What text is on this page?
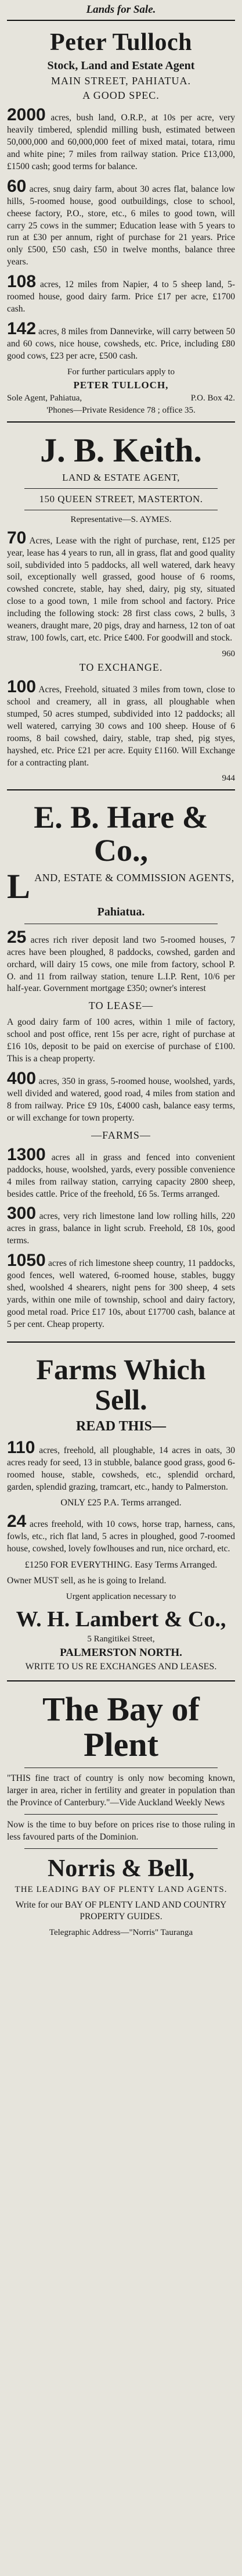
Lands for Sale.
Peter Tulloch
Stock, Land and Estate Agent
MAIN STREET, PAHIATUA.
A GOOD SPEC.

2000 acres, bush land, O.R.P., at 10s per acre, very heavily timbered, splendid milling bush, estimated between 50,000,000 and 60,000,000 feet of mixed matai, totara, rimu and white pine; 7 miles from railway station. Price £13,000, £1500 cash; good terms for balance.

60 acres, snug dairy farm, about 30 acres flat, balance low hills, 5-roomed house, good outbuildings, close to school, cheese factory, P.O., store, etc., 6 miles to good town, will carry 25 cows in the summer; Education lease with 5 years to run at £30 per annum, right of purchase for 21 years. Price only £500, £50 cash, £50 in twelve months, balance three years.

108 acres, 12 miles from Napier, 4 to 5 sheep land, 5-roomed house, good dairy farm. Price £17 per acre, £1700 cash.

142 acres, 8 miles from Dannevirke, will carry between 50 and 60 cows, nice house, cowsheds, etc. Price, including £80 good cows, £23 per acre, £500 cash.

For further particulars apply to
PETER TULLOCH,
Sole Agent, Pahiatua,	P.O. Box 42.
'Phones—Private Residence 78 ; office 35.
J. B. Keith.
LAND & ESTATE AGENT,
150 QUEEN STREET, MASTERTON.
Representative—S. AYMES.

70 Acres, Lease with the right of purchase, rent, £125 per year, lease has 4 years to run, all in grass, flat and good quality soil, subdivided into 5 paddocks, all well watered, dark heavy soil, exceptionally well grassed, good house of 6 rooms, cowshed concrete, stable, hay shed, dairy, pig sty, situated close to a good town, 1 mile from school and factory. Price including the following stock: 28 first class cows, 2 bulls, 3 weaners, draught mare, 20 pigs, dray and harness, 12 ton of oat straw, 100 fowls, cart, etc. Price £400. For goodwill and stock.

960
TO EXCHANGE.

100 Acres, Freehold, situated 3 miles from town, close to school and creamery, all in grass, all ploughable when stumped, 50 acres stumped, subdivided into 12 paddocks; all well watered, carrying 30 cows and 100 sheep. House of 6 rooms, 8 bail cowshed, dairy, stable, trap shed, pig styes, hayshed, etc. Price £21 per acre. Equity £1160. Will Exchange for a contracting plant.

944
E. B. Hare & Co.,
L AND, ESTATE & COMMISSION AGENTS,
Pahiatua.

25 acres rich river deposit land two 5-roomed houses, 7 acres have been ploughed, 8 paddocks, cowshed, garden and orchard, will dairy 15 cows, one mile from factory, school P. O. and 11 from railway station, tenure L.I.P. Rent, 10/6 per half-year. Government mortgage £350; owner's interest

TO LEASE—

A good dairy farm of 100 acres, within 1 mile of factory, school and post office, rent 15s per acre, right of purchase at £16 10s, deposit to be paid on exercise of purchase of £100. This is a cheap property.

400 acres, 350 in grass, 5-roomed house, woolshed, yards, well divided and watered, good road, 4 miles from station and 8 from railway. Price £9 10s, £4000 cash, balance easy terms, or will exchange for town property.

—FARMS—

1300 acres all in grass and fenced into convenient paddocks, house, woolshed, yards, every possible convenience 4 miles from railway station, carrying capacity 2800 sheep, besides cattle. Price of the freehold, £6 5s. Terms arranged.

300 acres, very rich limestone land low rolling hills, 220 acres in grass, balance in light scrub. Freehold, £8 10s, good terms.

1050 acres of rich limestone sheep country, 11 paddocks, good fences, well watered, 6-roomed house, stables, buggy shed, woolshed 4 shearers, night pens for 300 sheep, 4 sets yards, within one mile of township, school and dairy factory, good metal road. Price £17 10s, about £17700 cash, balance at 5 per cent. Cheap property.

Farms Which Sell.
READ THIS—

110 acres, freehold, all ploughable, 14 acres in oats, 30 acres ready for seed, 13 in stubble, balance good grass, good 6-roomed house, stable, cowsheds, etc., splendid orchard, garden, splendid grazing, tramcart, etc., handy to Palmerston.

ONLY £25 P.A. Terms arranged.

24 acres freehold, with 10 cows, horse trap, harness, cans, fowls, etc., rich flat land, 5 acres in ploughed, good 7-roomed house, cowshed, lovely fowlhouses and run, nice orchard, etc.

£1250 FOR EVERYTHING. Easy Terms Arranged.

Owner MUST sell, as he is going to Ireland.

Urgent application necessary to
W. H. Lambert & Co.,
5 Rangitikei Street,
PALMERSTON NORTH.
WRITE TO US RE EXCHANGES AND LEASES.
The Bay of Plent

"THIS fine tract of country is only now becoming known, larger in area, richer in fertility and greater in population than the Province of Canterbury."—Vide Auckland Weekly News

Now is the time to buy before on prices rise to those ruling in less favoured parts of the Dominion.

Norris & Bell,
THE LEADING BAY OF PLENTY LAND AGENTS.

Write for our BAY OF PLENTY LAND AND COUNTRY PROPERTY GUIDES.

Telegraphic Address—"Norris" Tauranga
